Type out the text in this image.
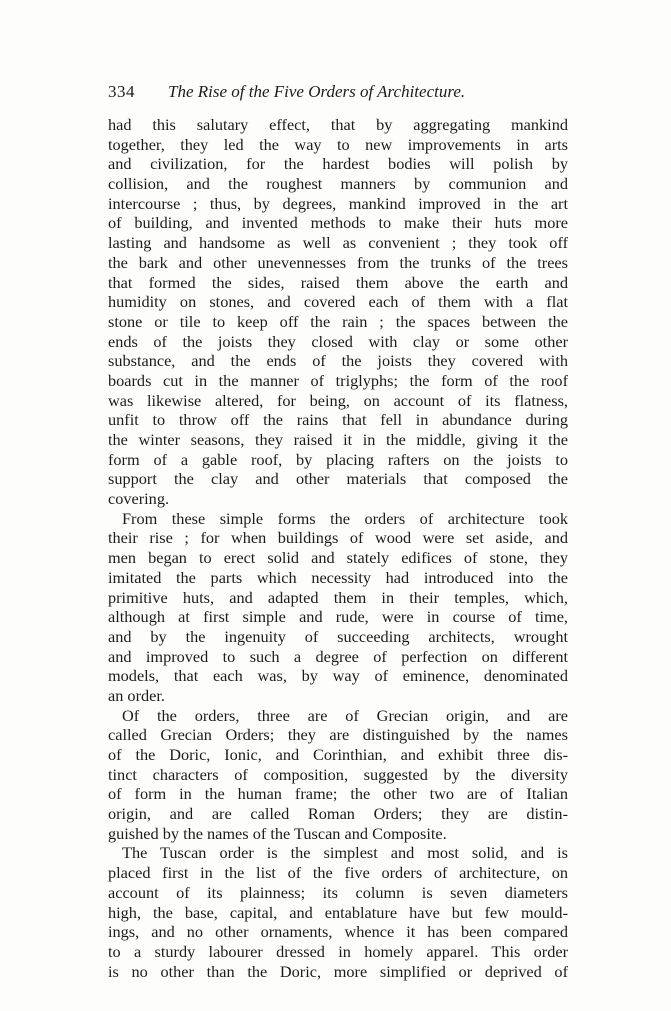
334 The Rise of the Five Orders of Architecture.
had this salutary effect, that by aggregating mankind
together, they led the way to new improvements in arts
and civilization, for the hardest bodies will polish by
collision, and the roughest manners by communion and
intercourse ; thus, by degrees, mankind improved in the art
of building, and invented methods to make their huts more
lasting and handsome as well as convenient ; they took off
the bark and other unevennesses from the trunks of the trees
that formed the sides, raised them above the earth and
humidity on stones, and covered each of them with a flat
stone or tile to keep off the rain ; the spaces between the
ends of the joists they closed with clay or some other
substance, and the ends of the joists they covered with
boards cut in the manner of triglyphs; the form of the roof
was likewise altered, for being, on account of its flatness,
unfit to throw off the rains that fell in abundance during
the winter seasons, they raised it in the middle, giving it the
form of a gable roof, by placing rafters on the joists to
support the clay and other materials that composed the
covering.
From these simple forms the orders of architecture took
their rise ; for when buildings of wood were set aside, and
men began to erect solid and stately edifices of stone, they
imitated the parts which necessity had introduced into the
primitive huts, and adapted them in their temples, which,
although at first simple and rude, were in course of time,
and by the ingenuity of succeeding architects, wrought
and improved to such a degree of perfection on different
models, that each was, by way of eminence, denominated
an order.
Of the orders, three are of Grecian origin, and are
called Grecian Orders; they are distinguished by the names
of the Doric, Ionic, and Corinthian, and exhibit three dis-
tinct characters of composition, suggested by the diversity
of form in the human frame; the other two are of Italian
origin, and are called Roman Orders; they are distin-
guished by the names of the Tuscan and Composite.
The Tuscan order is the simplest and most solid, and is
placed first in the list of the five orders of architecture, on
account of its plainness; its column is seven diameters
high, the base, capital, and entablature have but few mould-
ings, and no other ornaments, whence it has been compared
to a sturdy labourer dressed in homely apparel. This order
is no other than the Doric, more simplified or deprived of
